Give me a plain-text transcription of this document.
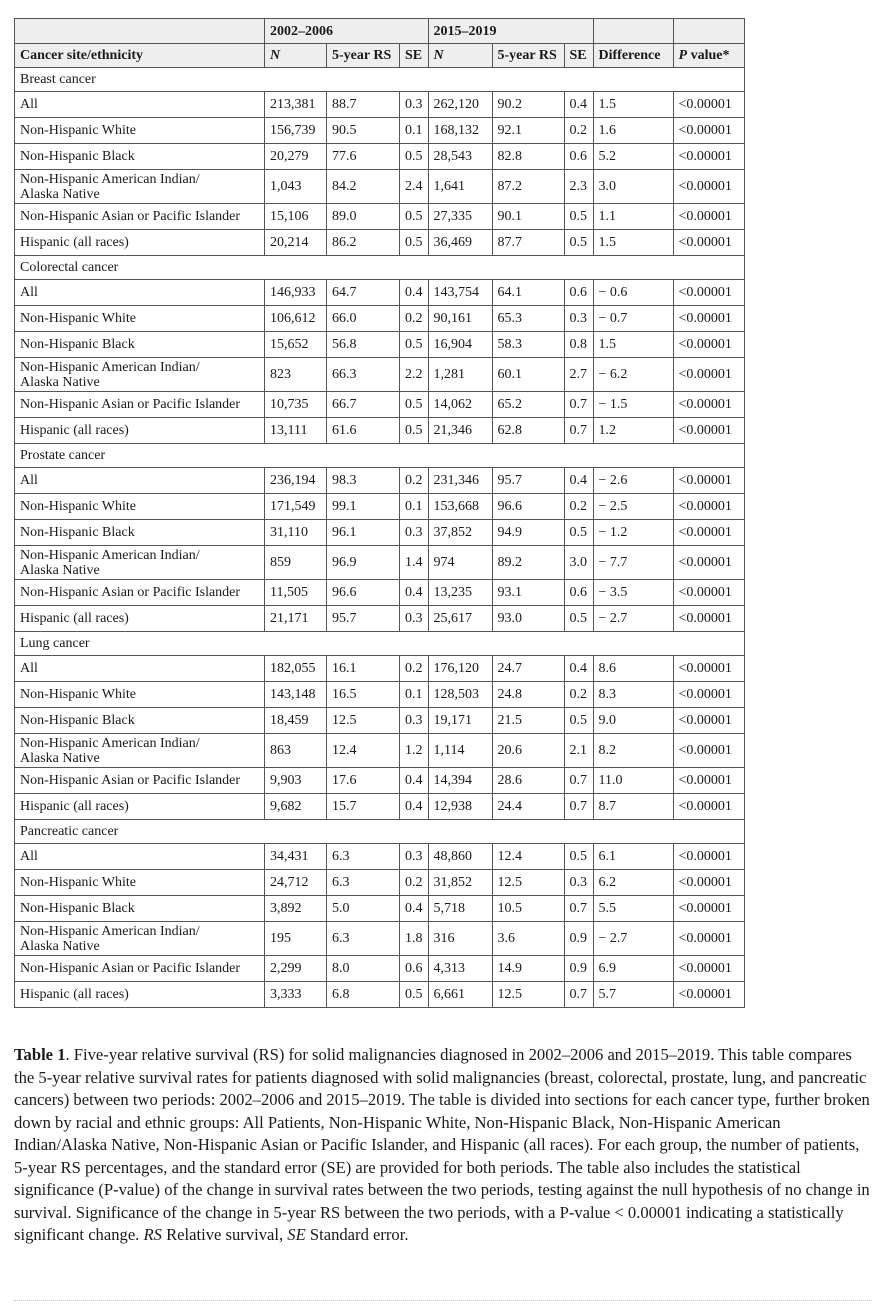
	2002–2006			2015–2019				
Cancer site/ethnicity	N	5-year RS	SE	N	5-year RS	SE	Difference	P value*
Breast cancer								
All	213,381	88.7	0.3	262,120	90.2	0.4	1.5	<0.00001
Non-Hispanic White	156,739	90.5	0.1	168,132	92.1	0.2	1.6	<0.00001
Non-Hispanic Black	20,279	77.6	0.5	28,543	82.8	0.6	5.2	<0.00001
Non-Hispanic American Indian/
Alaska Native	1,043	84.2	2.4	1,641	87.2	2.3	3.0	<0.00001
Non-Hispanic Asian or Pacific Islander	15,106	89.0	0.5	27,335	90.1	0.5	1.1	<0.00001
Hispanic (all races)	20,214	86.2	0.5	36,469	87.7	0.5	1.5	<0.00001
Colorectal cancer								
All	146,933	64.7	0.4	143,754	64.1	0.6	− 0.6	<0.00001
Non-Hispanic White	106,612	66.0	0.2	90,161	65.3	0.3	− 0.7	<0.00001
Non-Hispanic Black	15,652	56.8	0.5	16,904	58.3	0.8	1.5	<0.00001
Non-Hispanic American Indian/
Alaska Native	823	66.3	2.2	1,281	60.1	2.7	− 6.2	<0.00001
Non-Hispanic Asian or Pacific Islander	10,735	66.7	0.5	14,062	65.2	0.7	− 1.5	<0.00001
Hispanic (all races)	13,111	61.6	0.5	21,346	62.8	0.7	1.2	<0.00001
Prostate cancer								
All	236,194	98.3	0.2	231,346	95.7	0.4	− 2.6	<0.00001
Non-Hispanic White	171,549	99.1	0.1	153,668	96.6	0.2	− 2.5	<0.00001
Non-Hispanic Black	31,110	96.1	0.3	37,852	94.9	0.5	− 1.2	<0.00001
Non-Hispanic American Indian/
Alaska Native	859	96.9	1.4	974	89.2	3.0	− 7.7	<0.00001
Non-Hispanic Asian or Pacific Islander	11,505	96.6	0.4	13,235	93.1	0.6	− 3.5	<0.00001
Hispanic (all races)	21,171	95.7	0.3	25,617	93.0	0.5	− 2.7	<0.00001
Lung cancer								
All	182,055	16.1	0.2	176,120	24.7	0.4	8.6	<0.00001
Non-Hispanic White	143,148	16.5	0.1	128,503	24.8	0.2	8.3	<0.00001
Non-Hispanic Black	18,459	12.5	0.3	19,171	21.5	0.5	9.0	<0.00001
Non-Hispanic American Indian/
Alaska Native	863	12.4	1.2	1,114	20.6	2.1	8.2	<0.00001
Non-Hispanic Asian or Pacific Islander	9,903	17.6	0.4	14,394	28.6	0.7	11.0	<0.00001
Hispanic (all races)	9,682	15.7	0.4	12,938	24.4	0.7	8.7	<0.00001
Pancreatic cancer								
All	34,431	6.3	0.3	48,860	12.4	0.5	6.1	<0.00001
Non-Hispanic White	24,712	6.3	0.2	31,852	12.5	0.3	6.2	<0.00001
Non-Hispanic Black	3,892	5.0	0.4	5,718	10.5	0.7	5.5	<0.00001
Non-Hispanic American Indian/
Alaska Native	195	6.3	1.8	316	3.6	0.9	− 2.7	<0.00001
Non-Hispanic Asian or Pacific Islander	2,299	8.0	0.6	4,313	14.9	0.9	6.9	<0.00001
Hispanic (all races)	3,333	6.8	0.5	6,661	12.5	0.7	5.7	<0.00001
Table 1. Five-year relative survival (RS) for solid malignancies diagnosed in 2002–2006 and 2015–2019. This table compares the 5-year relative survival rates for patients diagnosed with solid malignancies (breast, colorectal, prostate, lung, and pancreatic cancers) between two periods: 2002–2006 and 2015–2019. The table is divided into sections for each cancer type, further broken down by racial and ethnic groups: All Patients, Non-Hispanic White, Non-Hispanic Black, Non-Hispanic American Indian/Alaska Native, Non-Hispanic Asian or Pacific Islander, and Hispanic (all races). For each group, the number of patients, 5-year RS percentages, and the standard error (SE) are provided for both periods. The table also includes the statistical significance (P-value) of the change in survival rates between the two periods, testing against the null hypothesis of no change in survival. Significance of the change in 5-year RS between the two periods, with a P-value < 0.00001 indicating a statistically significant change. RS Relative survival, SE Standard error.
